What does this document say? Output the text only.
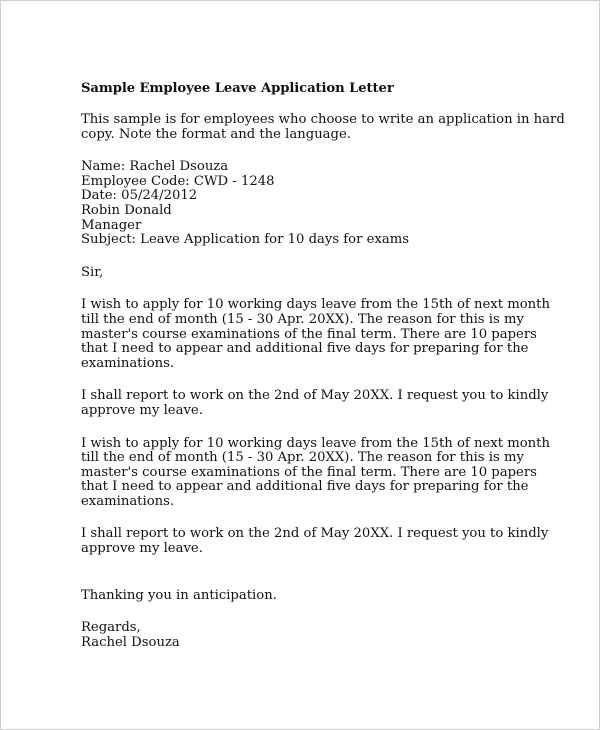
Sample Employee Leave Application Letter
This sample is for employees who choose to write an application in hard
copy. Note the format and the language.
Name: Rachel Dsouza
Employee Code: CWD - 1248
Date: 05/24/2012
Robin Donald
Manager
Subject: Leave Application for 10 days for exams
Sir,
I wish to apply for 10 working days leave from the 15th of next month
till the end of month (15 - 30 Apr. 20XX). The reason for this is my
master's course examinations of the final term. There are 10 papers
that I need to appear and additional five days for preparing for the
examinations.
I shall report to work on the 2nd of May 20XX. I request you to kindly
approve my leave.
I wish to apply for 10 working days leave from the 15th of next month
till the end of month (15 - 30 Apr. 20XX). The reason for this is my
master's course examinations of the final term. There are 10 papers
that I need to appear and additional five days for preparing for the
examinations.
I shall report to work on the 2nd of May 20XX. I request you to kindly
approve my leave.
Thanking you in anticipation.
Regards,
Rachel Dsouza
